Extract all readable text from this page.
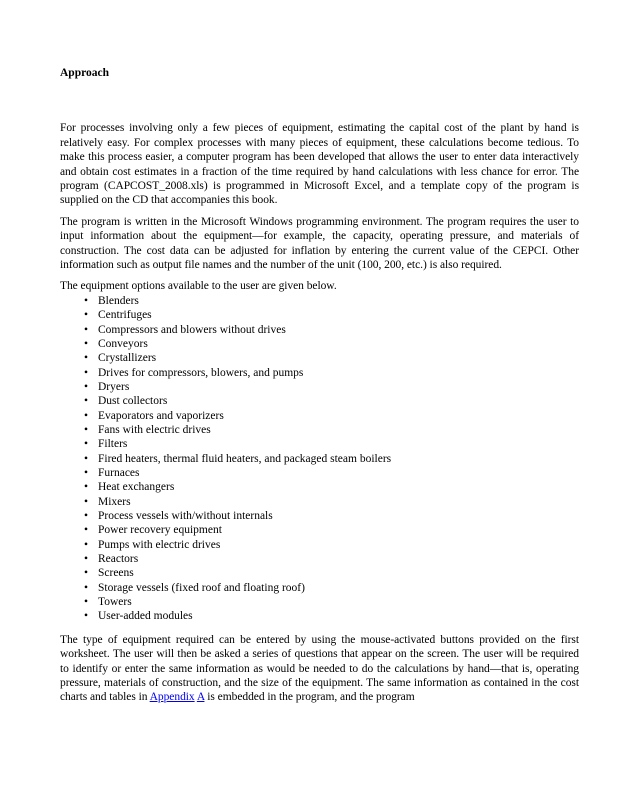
Approach

For processes involving only a few pieces of equipment, estimating the capital cost of the plant by hand is relatively easy. For complex processes with many pieces of equipment, these calculations become tedious. To make this process easier, a computer program has been developed that allows the user to enter data interactively and obtain cost estimates in a fraction of the time required by hand calculations with less chance for error. The program (CAPCOST_2008.xls) is programmed in Microsoft Excel, and a template copy of the program is supplied on the CD that accompanies this book.

The program is written in the Microsoft Windows programming environment. The program requires the user to input information about the equipment—for example, the capacity, operating pressure, and materials of construction. The cost data can be adjusted for inflation by entering the current value of the CEPCI. Other information such as output file names and the number of the unit (100, 200, etc.) is also required.

The equipment options available to the user are given below.

• Blenders
• Centrifuges
• Compressors and blowers without drives
• Conveyors
• Crystallizers
• Drives for compressors, blowers, and pumps
• Dryers
• Dust collectors
• Evaporators and vaporizers
• Fans with electric drives
• Filters
• Fired heaters, thermal fluid heaters, and packaged steam boilers
• Furnaces
• Heat exchangers
• Mixers
• Process vessels with/without internals
• Power recovery equipment
• Pumps with electric drives
• Reactors
• Screens
• Storage vessels (fixed roof and floating roof)
• Towers
• User-added modules

The type of equipment required can be entered by using the mouse-activated buttons provided on the first worksheet. The user will then be asked a series of questions that appear on the screen. The user will be required to identify or enter the same information as would be needed to do the calculations by hand—that is, operating pressure, materials of construction, and the size of the equipment. The same information as contained in the cost charts and tables in Appendix A is embedded in the program, and the program
